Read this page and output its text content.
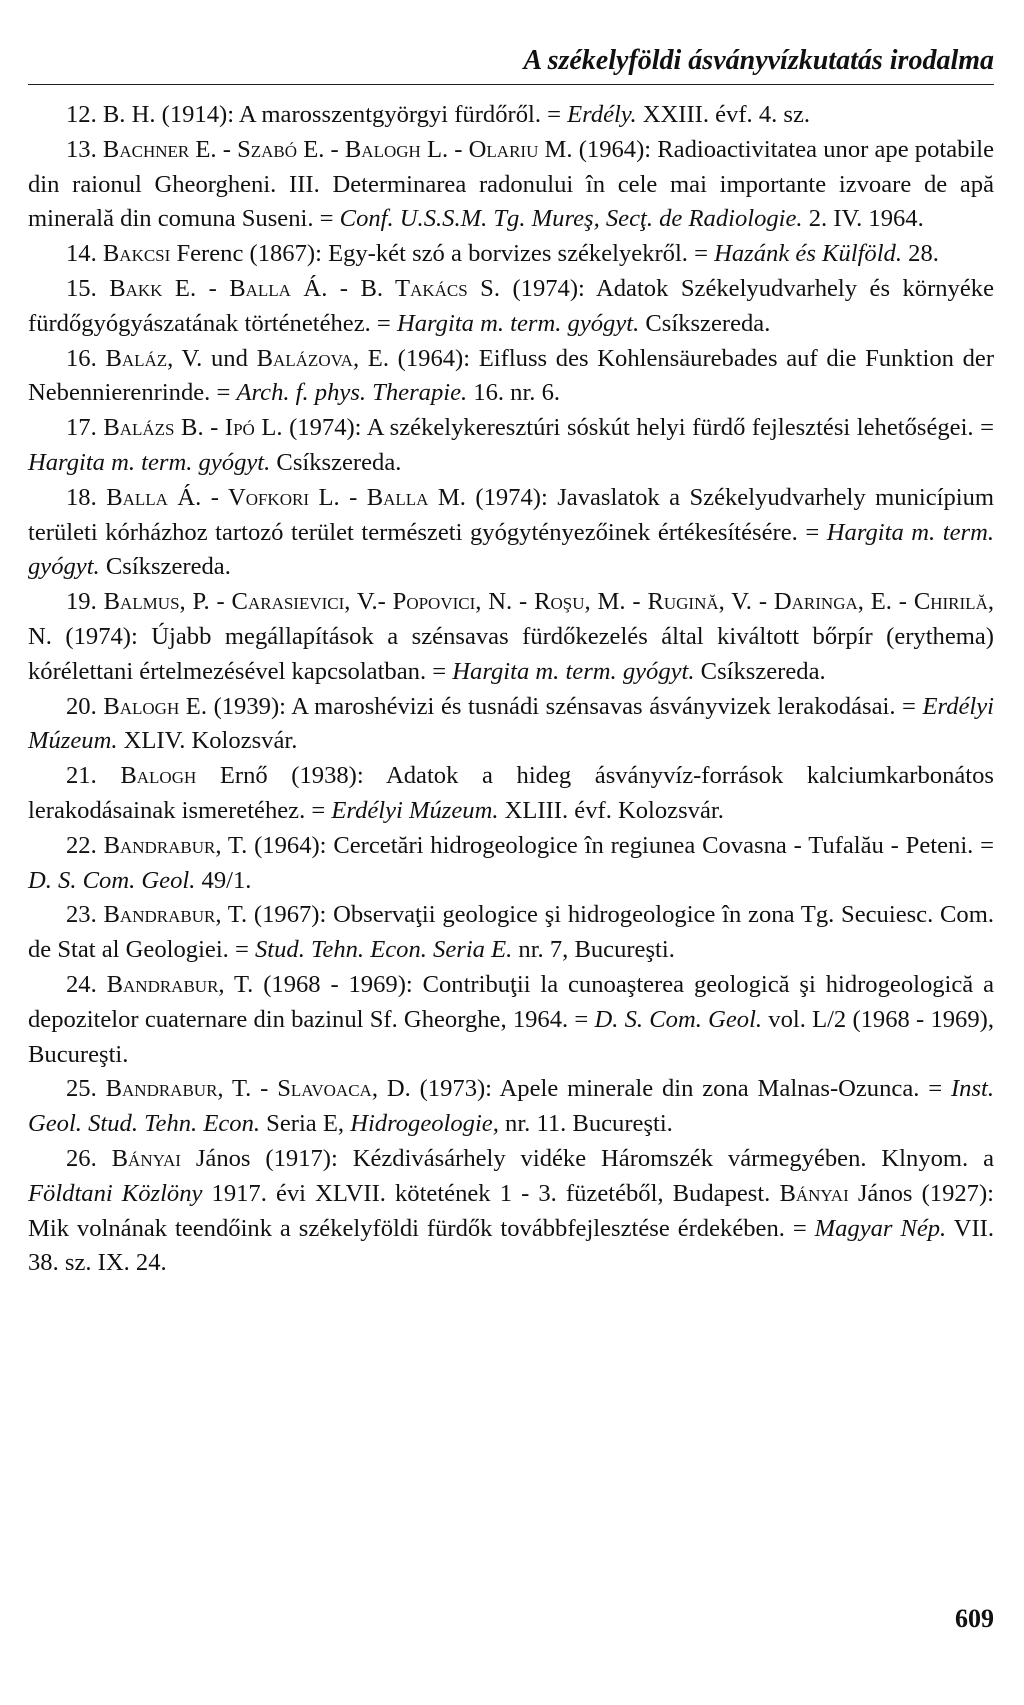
A székelyföldi ásványvízkutatás irodalma

12. B. H. (1914): A marosszentgyörgyi fürdőről. = Erdély. XXIII. évf. 4. sz.

13. Bachner E. - Szabó E. - Balogh L. - Olariu M. (1964): Radioactivitatea unor ape potabile din raionul Gheorgheni. III. Determinarea radonului în cele mai importante izvoare de apă minerală din comuna Suseni. = Conf. U.S.S.M. Tg. Mureş, Secţ. de Radiologie. 2. IV. 1964.

14. Bakcsi Ferenc (1867): Egy-két szó a borvizes székelyekről. = Hazánk és Külföld. 28.

15. Bakk E. - Balla Á. - B. Takács S. (1974): Adatok Székelyudvarhely és környéke fürdőgyógyászatának történetéhez. = Hargita m. term. gyógyt. Csíkszereda.

16. Baláz, V. und Balázova, E. (1964): Eifluss des Kohlensäurebades auf die Funktion der Nebennierenrinde. = Arch. f. phys. Therapie. 16. nr. 6.

17. Balázs B. - Ipó L. (1974): A székelykeresztúri sóskút helyi fürdő fejlesztési lehetőségei. = Hargita m. term. gyógyt. Csíkszereda.

18. Balla Á. - Vofkori L. - Balla M. (1974): Javaslatok a Székelyudvarhely municípium területi kórházhoz tartozó terület természeti gyógytényezőinek értékesítésére. = Hargita m. term. gyógyt. Csíkszereda.

19. Balmus, P. - Carasievici, V.- Popovici, N. - Roşu, M. - Rugină, V. - Daringa, E. - Chirilă, N. (1974): Újabb megállapítások a szénsavas fürdőkezelés által kiváltott bőrpír (erythema) kórélettani értelmezésével kapcsolatban. = Hargita m. term. gyógyt. Csíkszereda.

20. Balogh E. (1939): A maroshévizi és tusnádi szénsavas ásványvizek lerakodásai. = Erdélyi Múzeum. XLIV. Kolozsvár.

21. Balogh Ernő (1938): Adatok a hideg ásványvíz-források kalciumkarbonátos lerakodásainak ismeretéhez. = Erdélyi Múzeum. XLIII. évf. Kolozsvár.

22. Bandrabur, T. (1964): Cercetări hidrogeologice în regiunea Covasna - Tufalău - Peteni. = D. S. Com. Geol. 49/1.

23. Bandrabur, T. (1967): Observaţii geologice şi hidrogeologice în zona Tg. Secuiesc. Com. de Stat al Geologiei. = Stud. Tehn. Econ. Seria E. nr. 7, Bucureşti.

24. Bandrabur, T. (1968 - 1969): Contribuţii la cunoaşterea geologică şi hidrogeologică a depozitelor cuaternare din bazinul Sf. Gheorghe, 1964. = D. S. Com. Geol. vol. L/2 (1968 - 1969), Bucureşti.

25. Bandrabur, T. - Slavoaca, D. (1973): Apele minerale din zona Malnas-Ozunca. = Inst. Geol. Stud. Tehn. Econ. Seria E, Hidrogeologie, nr. 11. Bucureşti.

26. Bányai János (1917): Kézdivásárhely vidéke Háromszék vármegyében. Klnyom. a Földtani Közlöny 1917. évi XLVII. kötetének 1 - 3. füzetéből, Budapest. Bányai János (1927): Mik volnának teendőink a székelyföldi fürdők továbbfejlesztése érdekében. = Magyar Nép. VII. 38. sz. IX. 24.

609
